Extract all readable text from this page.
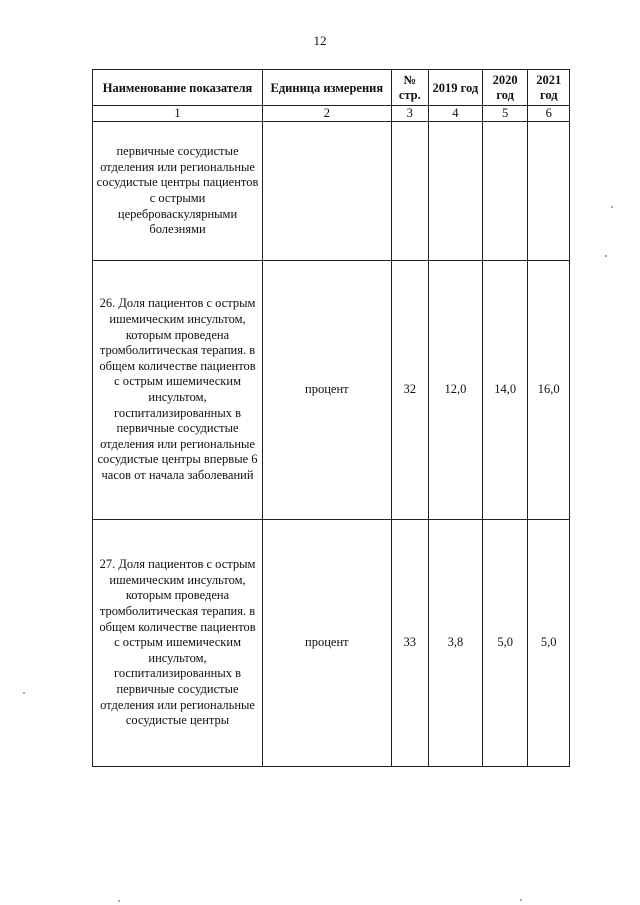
12
Наименование показателя	Единица измерения	№ стр.	2019 год	2020 год	2021 год
1	2	3	4	5	6
первичные сосудистые отделения или региональные сосудистые центры пациентов с острыми цереброваскулярными болезнями					
26. Доля пациентов с острым ишемическим инсультом, которым проведена тромболитическая терапия. в общем количестве пациентов с острым ишемическим инсультом, госпитализированных в первичные сосудистые отделения или региональные сосудистые центры впервые 6 часов от начала заболеваний	процент	32	12,0	14,0	16,0
27. Доля пациентов с острым ишемическим инсультом, которым проведена тромболитическая терапия. в общем количестве пациентов с острым ишемическим инсультом, госпитализированных в первичные сосудистые отделения или региональные сосудистые центры	процент	33	3,8	5,0	5,0
